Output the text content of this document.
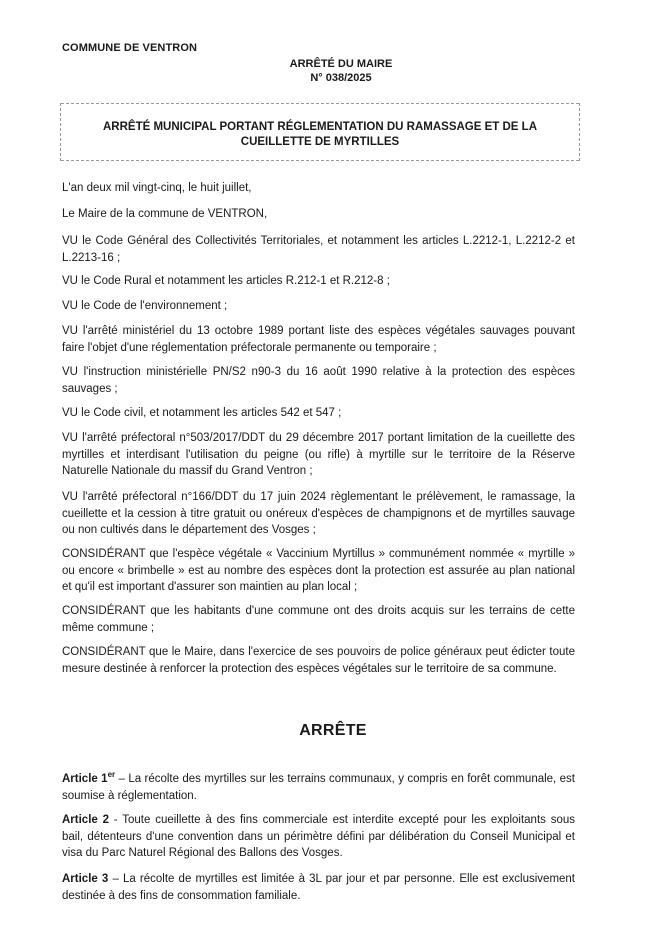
COMMUNE DE VENTRON
ARRÊTÉ DU MAIRE
N° 038/2025
ARRÊTÉ MUNICIPAL PORTANT RÉGLEMENTATION DU RAMASSAGE ET DE LA CUEILLETTE DE MYRTILLES
L'an deux mil vingt-cinq, le huit juillet,
Le Maire de la commune de VENTRON,
VU le Code Général des Collectivités Territoriales, et notamment les articles L.2212-1, L.2212-2 et L.2213-16 ;
VU le Code Rural et notamment les articles R.212-1 et R.212-8 ;
VU le Code de l'environnement ;
VU l'arrêté ministériel du 13 octobre 1989 portant liste des espèces végétales sauvages pouvant faire l'objet d'une réglementation préfectorale permanente ou temporaire ;
VU l'instruction ministérielle PN/S2 n90-3 du 16 août 1990 relative à la protection des espèces sauvages ;
VU le Code civil, et notamment les articles 542 et 547 ;
VU l'arrêté préfectoral n°503/2017/DDT du 29 décembre 2017 portant limitation de la cueillette des myrtilles et interdisant l'utilisation du peigne (ou rifle) à myrtille sur le territoire de la Réserve Naturelle Nationale du massif du Grand Ventron ;
VU l'arrêté préfectoral n°166/DDT du 17 juin 2024 règlementant le prélèvement, le ramassage, la cueillette et la cession à titre gratuit ou onéreux d'espèces de champignons et de myrtilles sauvage ou non cultivés dans le département des Vosges ;
CONSIDÉRANT que l'espèce végétale « Vaccinium Myrtillus » communément nommée « myrtille » ou encore « brimbelle » est au nombre des espèces dont la protection est assurée au plan national et qu'il est important d'assurer son maintien au plan local ;
CONSIDÉRANT que les habitants d'une commune ont des droits acquis sur les terrains de cette même commune ;
CONSIDÉRANT que le Maire, dans l'exercice de ses pouvoirs de police généraux peut édicter toute mesure destinée à renforcer la protection des espèces végétales sur le territoire de sa commune.
ARRÊTE
Article 1er – La récolte des myrtilles sur les terrains communaux, y compris en forêt communale, est soumise à réglementation.
Article 2 - Toute cueillette à des fins commerciale est interdite excepté pour les exploitants sous bail, détenteurs d'une convention dans un périmètre défini par délibération du Conseil Municipal et visa du Parc Naturel Régional des Ballons des Vosges.
Article 3 – La récolte de myrtilles est limitée à 3L par jour et par personne. Elle est exclusivement destinée à des fins de consommation familiale.
